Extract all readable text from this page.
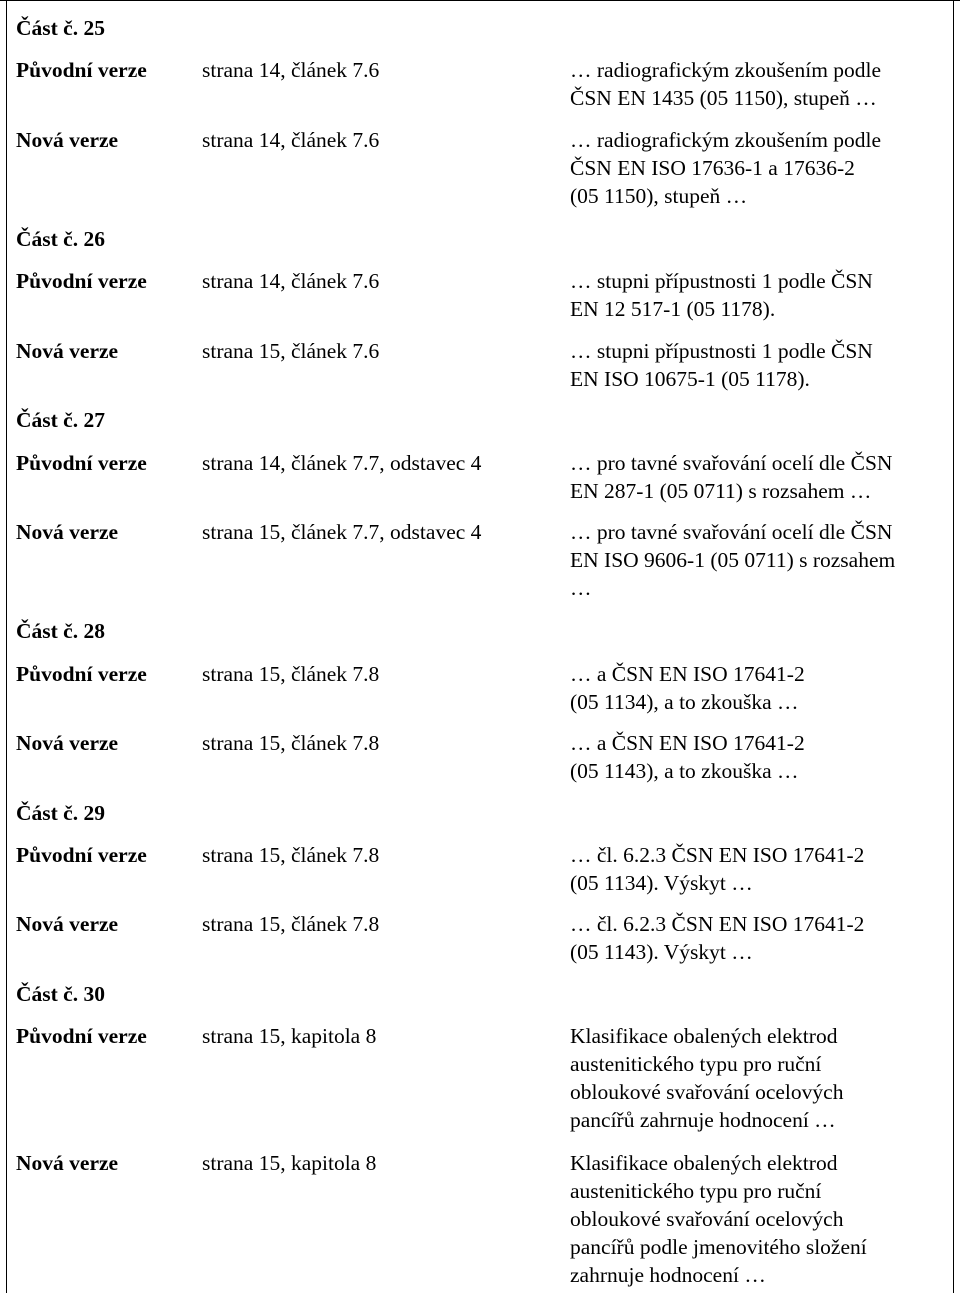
Část č. 25
Původní verze	strana 14, článek 7.6	… radiografickým zkoušením podle
ČSN EN 1435 (05 1150), stupeň …
Nová verze	strana 14, článek 7.6	… radiografickým zkoušením podle
ČSN EN ISO 17636-1 a 17636-2
(05 1150), stupeň …
Část č. 26
Původní verze	strana 14, článek 7.6	… stupni přípustnosti 1 podle ČSN
EN 12 517-1 (05 1178).
Nová verze	strana 15, článek 7.6	… stupni přípustnosti 1 podle ČSN
EN ISO 10675-1 (05 1178).
Část č. 27
Původní verze	strana 14, článek 7.7, odstavec 4	… pro tavné svařování ocelí dle ČSN
EN 287-1 (05 0711) s rozsahem …
Nová verze	strana 15, článek 7.7, odstavec 4	… pro tavné svařování ocelí dle ČSN
EN ISO 9606-1 (05 0711) s rozsahem
…
Část č. 28
Původní verze	strana 15, článek 7.8	… a ČSN EN ISO 17641-2
(05 1134), a to zkouška …
Nová verze	strana 15, článek 7.8	… a ČSN EN ISO 17641-2
(05 1143), a to zkouška …
Část č. 29
Původní verze	strana 15, článek 7.8	… čl. 6.2.3 ČSN EN ISO 17641-2
(05 1134). Výskyt …
Nová verze	strana 15, článek 7.8	… čl. 6.2.3 ČSN EN ISO 17641-2
(05 1143). Výskyt …
Část č. 30
Původní verze	strana 15, kapitola 8	Klasifikace obalených elektrod
austenitického typu pro ruční
obloukové svařování ocelových
pancířů zahrnuje hodnocení …
Nová verze	strana 15, kapitola 8	Klasifikace obalených elektrod
austenitického typu pro ruční
obloukové svařování ocelových
pancířů podle jmenovitého složení
zahrnuje hodnocení …
